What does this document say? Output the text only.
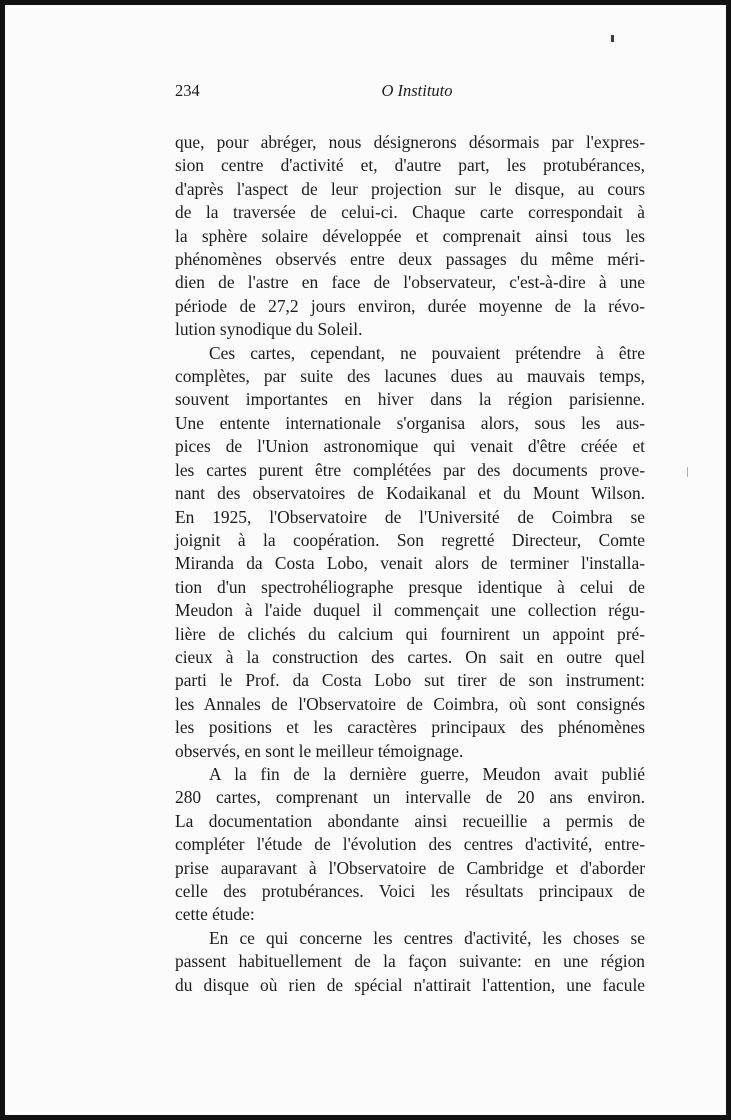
234	O Instituto
que, pour abréger, nous désignerons désormais par l'expres-
sion centre d'activité et, d'autre part, les protubérances,
d'après l'aspect de leur projection sur le disque, au cours
de la traversée de celui-ci. Chaque carte correspondait à
la sphère solaire développée et comprenait ainsi tous les
phénomènes observés entre deux passages du même méri-
dien de l'astre en face de l'observateur, c'est-à-dire à une
période de 27,2 jours environ, durée moyenne de la révo-
lution synodique du Soleil.
Ces cartes, cependant, ne pouvaient prétendre à être
complètes, par suite des lacunes dues au mauvais temps,
souvent importantes en hiver dans la région parisienne.
Une entente internationale s'organisa alors, sous les aus-
pices de l'Union astronomique qui venait d'être créée et
les cartes purent être complétées par des documents prove-
nant des observatoires de Kodaikanal et du Mount Wilson.
En 1925, l'Observatoire de l'Université de Coimbra se
joignit à la coopération. Son regretté Directeur, Comte
Miranda da Costa Lobo, venait alors de terminer l'installa-
tion d'un spectrohéliographe presque identique à celui de
Meudon à l'aide duquel il commençait une collection régu-
lière de clichés du calcium qui fournirent un appoint pré-
cieux à la construction des cartes. On sait en outre quel
parti le Prof. da Costa Lobo sut tirer de son instrument:
les Annales de l'Observatoire de Coimbra, où sont consignés
les positions et les caractères principaux des phénomènes
observés, en sont le meilleur témoignage.
A la fin de la dernière guerre, Meudon avait publié
280 cartes, comprenant un intervalle de 20 ans environ.
La documentation abondante ainsi recueillie a permis de
compléter l'étude de l'évolution des centres d'activité, entre-
prise auparavant à l'Observatoire de Cambridge et d'aborder
celle des protubérances. Voici les résultats principaux de
cette étude:
En ce qui concerne les centres d'activité, les choses se
passent habituellement de la façon suivante: en une région
du disque où rien de spécial n'attirait l'attention, une facule
